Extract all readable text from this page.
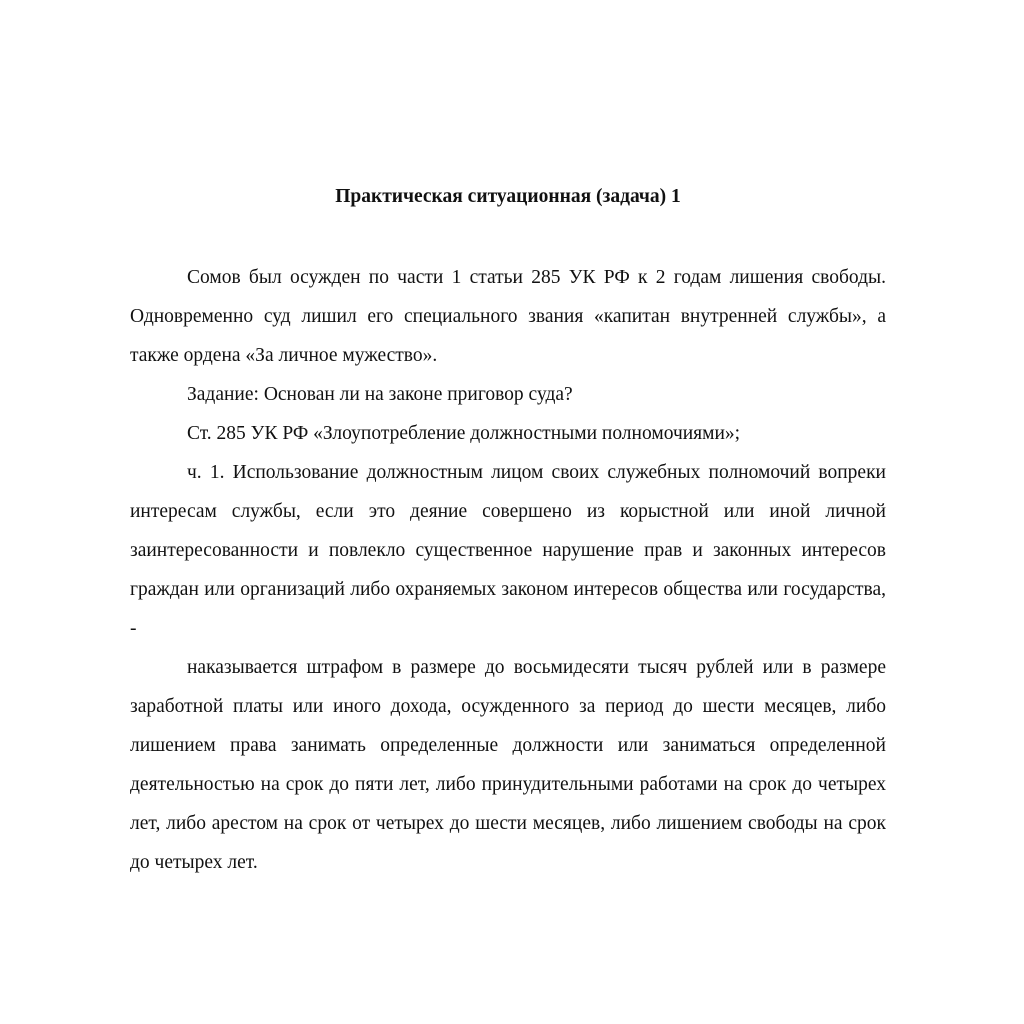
Практическая ситуационная (задача) 1

Сомов был осужден по части 1 статьи 285 УК РФ к 2 годам лишения свободы. Одновременно суд лишил его специального звания «капитан внутренней службы», а также ордена «За личное мужество».

Задание: Основан ли на законе приговор суда?

Ст. 285 УК РФ «Злоупотребление должностными полномочиями»;

ч. 1. Использование должностным лицом своих служебных полномочий вопреки интересам службы, если это деяние совершено из корыстной или иной личной заинтересованности и повлекло существенное нарушение прав и законных интересов граждан или организаций либо охраняемых законом интересов общества или государства, -

наказывается штрафом в размере до восьмидесяти тысяч рублей или в размере заработной платы или иного дохода, осужденного за период до шести месяцев, либо лишением права занимать определенные должности или заниматься определенной деятельностью на срок до пяти лет, либо принудительными работами на срок до четырех лет, либо арестом на срок от четырех до шести месяцев, либо лишением свободы на срок до четырех лет.
